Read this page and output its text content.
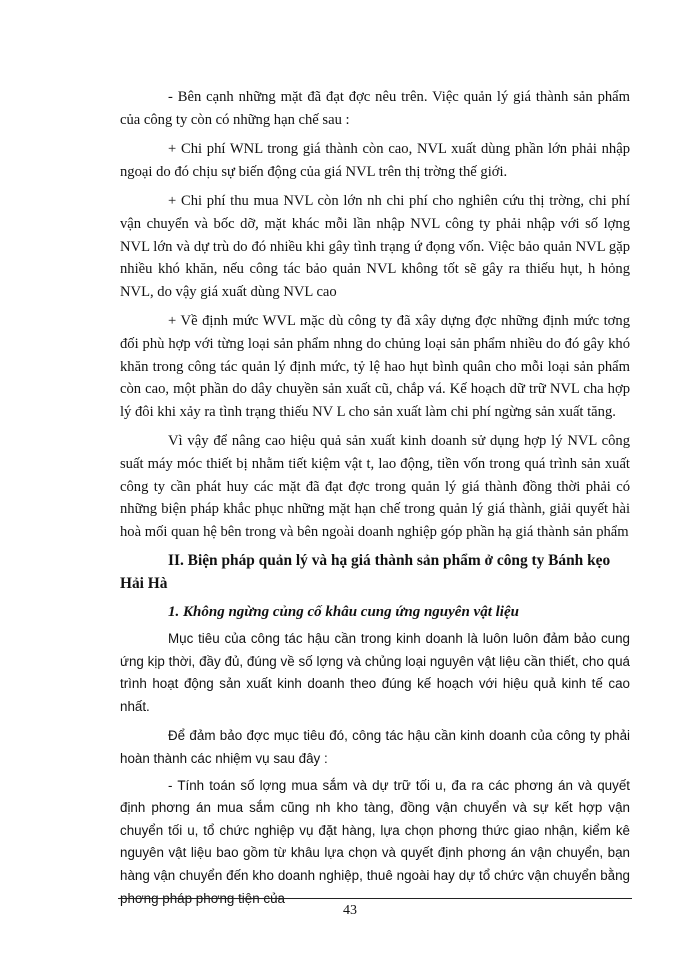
- Bên cạnh những mặt đã đạt đợc nêu trên. Việc quản lý giá thành sản phẩm của công ty còn có những hạn chế sau :

+ Chi phí WNL trong giá thành còn cao, NVL xuất dùng phần lớn phải nhập ngoại do đó chịu sự biến động của giá NVL trên thị trờng thế giới.

+ Chi phí thu mua NVL còn lớn nh chi phí cho nghiên cứu thị trờng, chi phí vận chuyển và bốc dỡ, mặt khác mỗi lần nhập NVL công ty phải nhập với số lợng NVL lớn và dự trù do đó nhiều khi gây tình trạng ứ đọng vốn. Việc bảo quản NVL gặp nhiều khó khăn, nếu công tác bảo quản NVL không tốt sẽ gây ra thiếu hụt, h hỏng NVL, do vậy giá xuất dùng NVL cao

+ Về định mức WVL mặc dù công ty đã xây dựng đợc những định mức tơng đối phù hợp với từng loại sản phẩm nhng do chủng loại sản phẩm nhiều do đó gây khó khăn trong công tác quản lý định mức, tỷ lệ hao hụt bình quân cho mỗi loại sản phẩm còn cao, một phần do dây chuyền sản xuất cũ, chắp vá. Kế hoạch dữ trữ NVL cha hợp lý đôi khi xảy ra tình trạng thiếu NV L cho sản xuất làm chi phí ngừng sản xuất tăng.

Vì vậy để nâng cao hiệu quả sản xuất kinh doanh sử dụng hợp lý NVL công suất máy móc thiết bị nhằm tiết kiệm vật t, lao động, tiền vốn trong quá trình sản xuất công ty cần phát huy các mặt đã đạt đợc trong quản lý giá thành đồng thời phải có những biện pháp khắc phục những mặt hạn chế trong quản lý giá thành, giải quyết hài hoà mối quan hệ bên trong và bên ngoài doanh nghiệp góp phần hạ giá thành sản phẩm

II. Biện pháp quản lý và hạ giá thành sản phẩm ở công ty Bánh kẹo Hải Hà
1. Không ngừng củng cố khâu cung ứng nguyên vật liệu

Mục tiêu của công tác hậu cần trong kinh doanh là luôn luôn đảm bảo cung ứng kịp thời, đầy đủ, đúng về số lợng và chủng loại nguyên vật liệu cần thiết, cho quá trình hoạt động sản xuất kinh doanh theo đúng kế hoạch với hiệu quả kinh tế cao nhất.

Để đảm bảo đợc mục tiêu đó, công tác hậu cần kinh doanh của công ty phải hoàn thành các nhiệm vụ sau đây :

- Tính toán số lợng mua sắm và dự trữ tối u, đa ra các phơng án và quyết định phơng án mua sắm cũng nh kho tàng, đồng vận chuyển và sự kết hợp vận chuyển tối u, tổ chức nghiệp vụ đặt hàng, lựa chọn phơng thức giao nhận, kiểm kê nguyên vật liệu bao gồm từ khâu lựa chọn và quyết định phơng án vận chuyển, bạn hàng vận chuyển đến kho doanh nghiệp, thuê ngoài hay dự tổ chức vận chuyển bằng phơng pháp phơng tiện của

43
